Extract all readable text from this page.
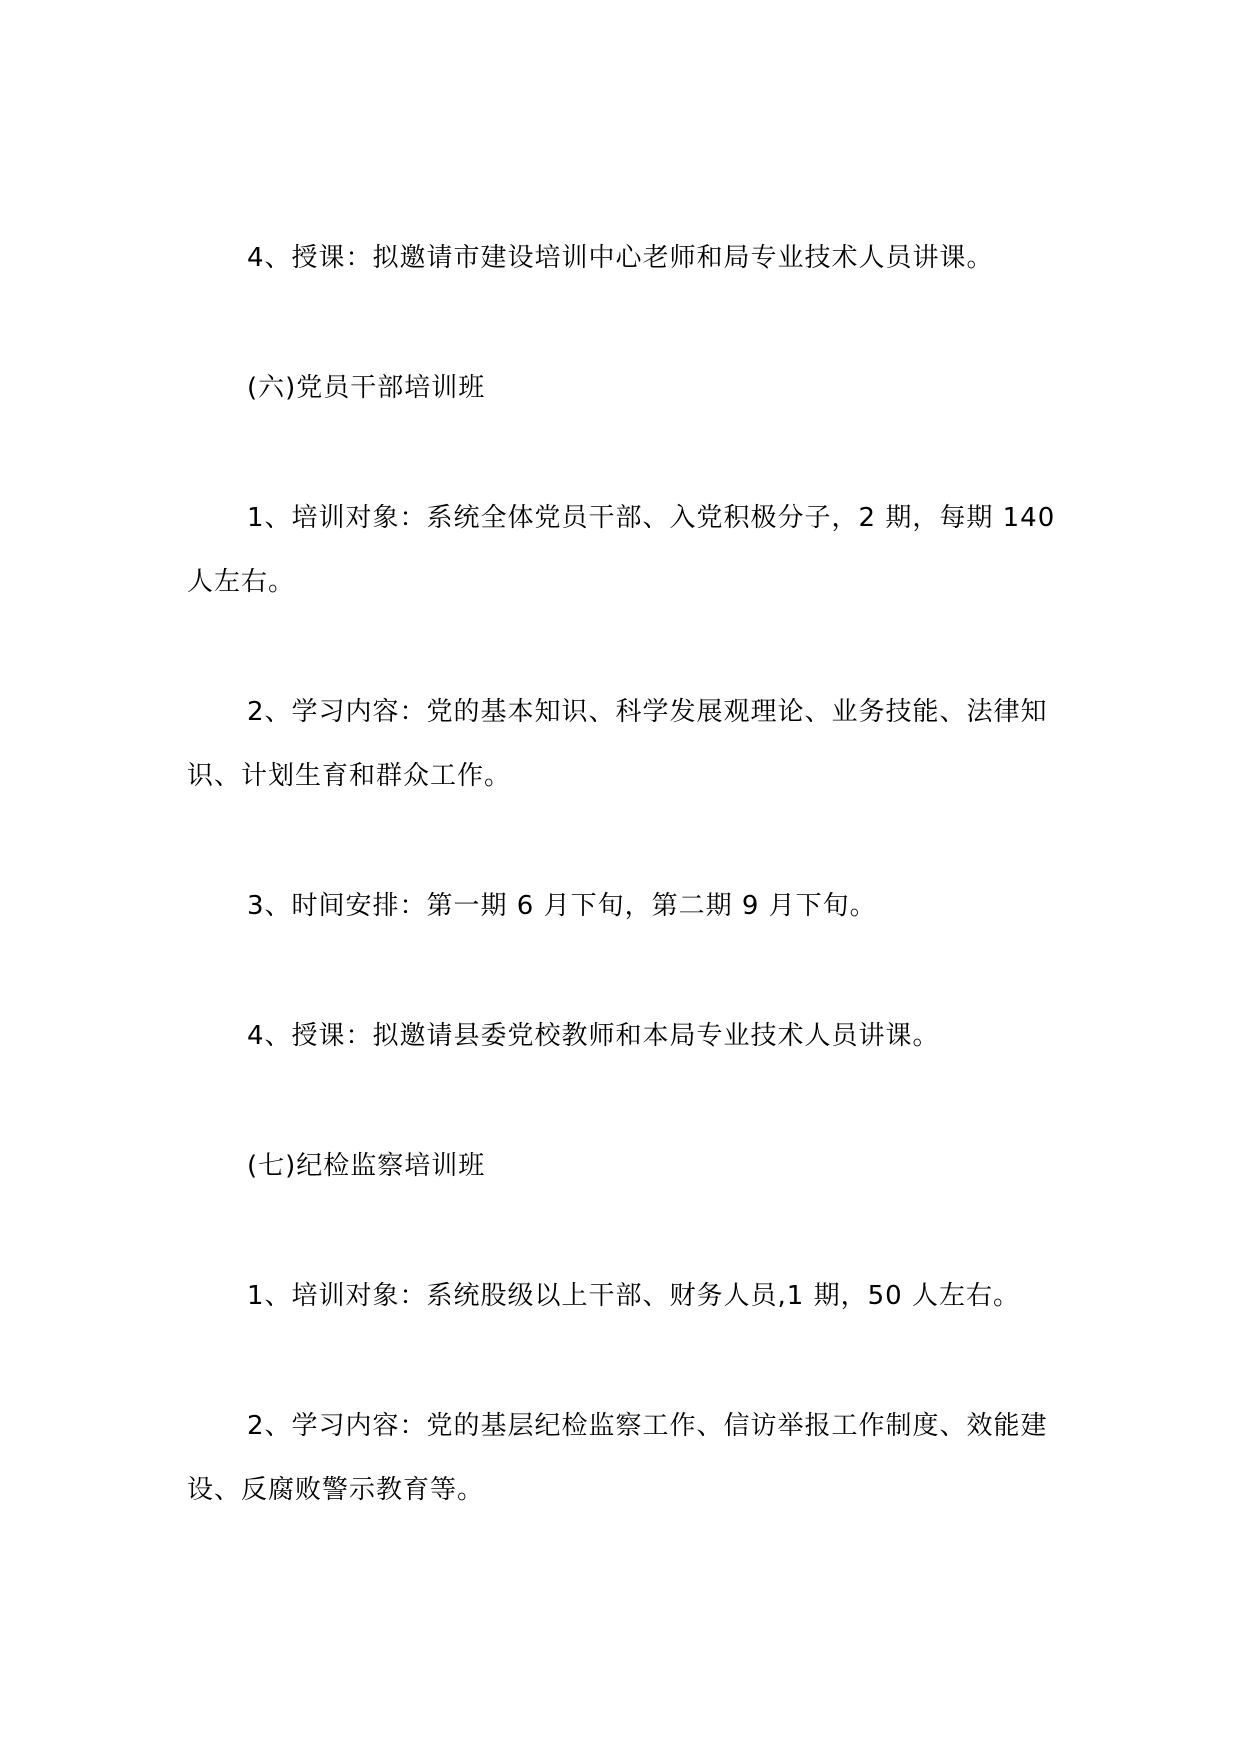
4、授课：拟邀请市建设培训中心老师和局专业技术人员讲课。

(六)党员干部培训班

1、培训对象：系统全体党员干部、入党积极分子，2 期，每期 140 人左右。

2、学习内容：党的基本知识、科学发展观理论、业务技能、法律知识、计划生育和群众工作。

3、时间安排：第一期 6 月下旬，第二期 9 月下旬。

4、授课：拟邀请县委党校教师和本局专业技术人员讲课。

(七)纪检监察培训班

1、培训对象：系统股级以上干部、财务人员,1 期，50 人左右。

2、学习内容：党的基层纪检监察工作、信访举报工作制度、效能建设、反腐败警示教育等。
